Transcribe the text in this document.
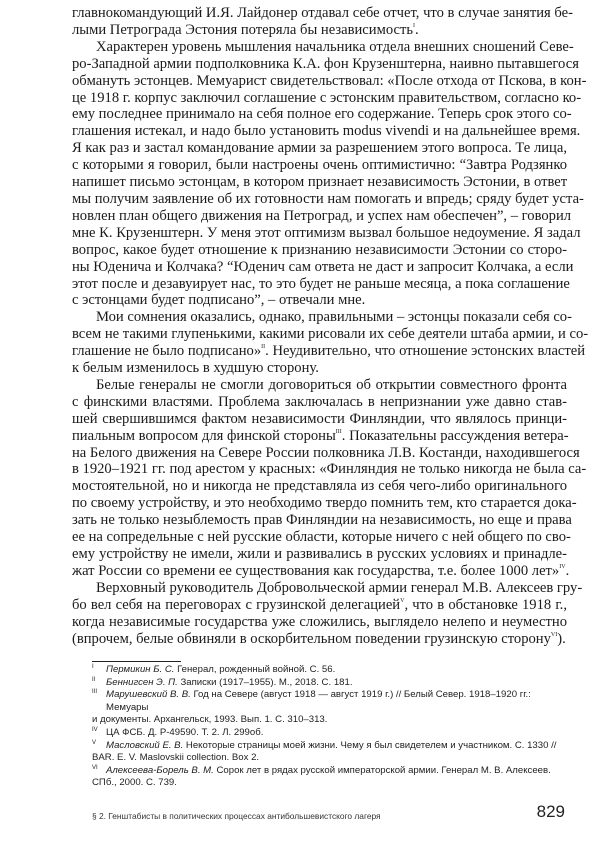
главнокомандующий И.Я. Лайдонер отдавал себе отчет, что в случае занятия бе-
лыми Петрограда Эстония потеряла бы независимость$^I$.
Характерен уровень мышления начальника отдела внешних сношений Севе-
ро-Западной армии подполковника К.А. фон Крузенштерна, наивно пытавшегося
обмануть эстонцев. Мемуарист свидетельствовал: «После отхода от Пскова, в кон-
це 1918 г. корпус заключил соглашение с эстонским правительством, согласно ко-
ему последнее принимало на себя полное его содержание. Теперь срок этого со-
глашения истекал, и надо было установить modus vivendi и на дальнейшее время.
Я как раз и застал командование армии за разрешением этого вопроса. Те лица,
с которыми я говорил, были настроены очень оптимистично: “Завтра Родзянко
напишет письмо эстонцам, в котором признает независимость Эстонии, в ответ
мы получим заявление об их готовности нам помогать и впредь; сряду будет уста-
новлен план общего движения на Петроград, и успех нам обеспечен”, – говорил
мне К. Крузенштерн. У меня этот оптимизм вызвал большое недоумение. Я задал
вопрос, какое будет отношение к признанию независимости Эстонии со сторо-
ны Юденича и Колчака? “Юденич сам ответа не даст и запросит Колчака, а если
этот после и дезавуирует нас, то это будет не раньше месяца, а пока соглашение
с эстонцами будет подписано”, – отвечали мне.
Мои сомнения оказались, однако, правильными – эстонцы показали себя со-
всем не такими глупенькими, какими рисовали их себе деятели штаба армии, и со-
глашение не было подписано»$^{II}$. Неудивительно, что отношение эстонских властей
к белым изменилось в худшую сторону.
Белые генералы не смогли договориться об открытии совместного фронта
с финскими властями. Проблема заключалась в непризнании уже давно став-
шей свершившимся фактом независимости Финляндии, что являлось принци-
пиальным вопросом для финской стороны$^{III}$. Показательны рассуждения ветера-
на Белого движения на Севере России полковника Л.В. Костанди, находившегося
в 1920–1921 гг. под арестом у красных: «Финляндия не только никогда не была са-
мостоятельной, но и никогда не представляла из себя чего-либо оригинального
по своему устройству, и это необходимо твердо помнить тем, кто старается дока-
зать не только незыблемость прав Финляндии на независимость, но еще и права
ее на сопредельные с ней русские области, которые ничего с ней общего по сво-
ему устройству не имели, жили и развивались в русских условиях и принадле-
жат России со времени ее существования как государства, т.е. более 1000 лет»$^{IV}$.
Верховный руководитель Добровольческой армии генерал М.В. Алексеев гру-
бо вел себя на переговорах с грузинской делегацией$^V$, что в обстановке 1918 г.,
когда независимые государства уже сложились, выглядело нелепо и неуместно
(впрочем, белые обвиняли в оскорбительном поведении грузинскую сторону$^{VI}$).
I	Пермикин Б. С. Генерал, рожденный войной. С. 56.
II	Беннигсен Э. П. Записки (1917–1955). М., 2018. С. 181.
III Марушевский В. В. Год на Севере (август 1918 — август 1919 г.) // Белый Север. 1918–1920 гг.: Мемуары
и документы. Архангельск, 1993. Вып. 1. С. 310–313.
IV ЦА ФСБ. Д. Р-49590. Т. 2. Л. 299об.
V	Масловский Е. В. Некоторые страницы моей жизни. Чему я был свидетелем и участником. С. 1330 //
BAR. E. V. Maslovskii collection. Box 2.
VI Алексеева-Борель В. М. Сорок лет в рядах русской императорской армии. Генерал М. В. Алексеев.
СПб., 2000. С. 739.
§ 2. Генштабисты в политических процессах антибольшевистского лагеря	829
